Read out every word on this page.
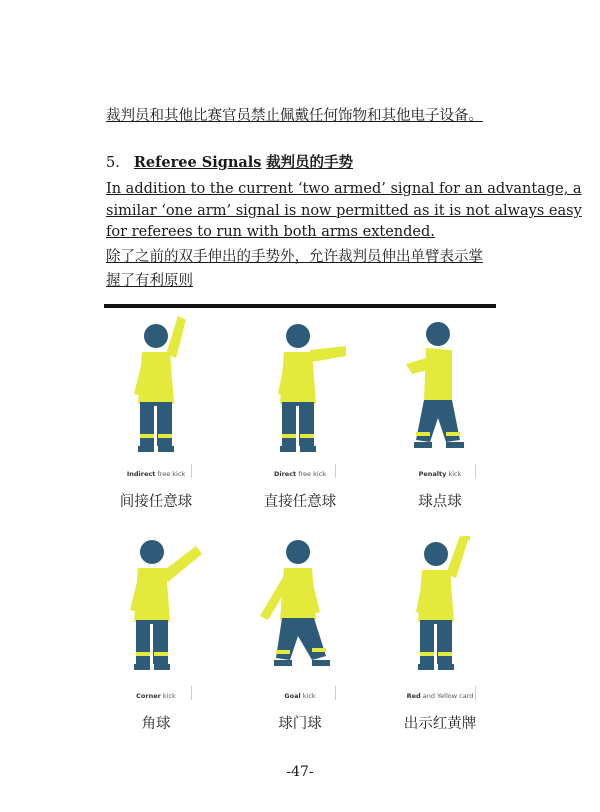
裁判员和其他比赛官员禁止佩戴任何饰物和其他电子设备。
5. Referee Signals 裁判员的手势
In addition to the current ‘two armed’ signal for an advantage, a
similar ‘one arm’ signal is now permitted as it is not always easy
for referees to run with both arms extended.
除了之前的双手伸出的手势外，允许裁判员伸出单臂表示掌
握了有利原则
Indirect free kick
间接任意球
Direct free kick
直接任意球
Penalty kick
球点球
Corner kick
角球
Goal kick
球门球
Red and Yellow card
出示红黄牌
-47-
